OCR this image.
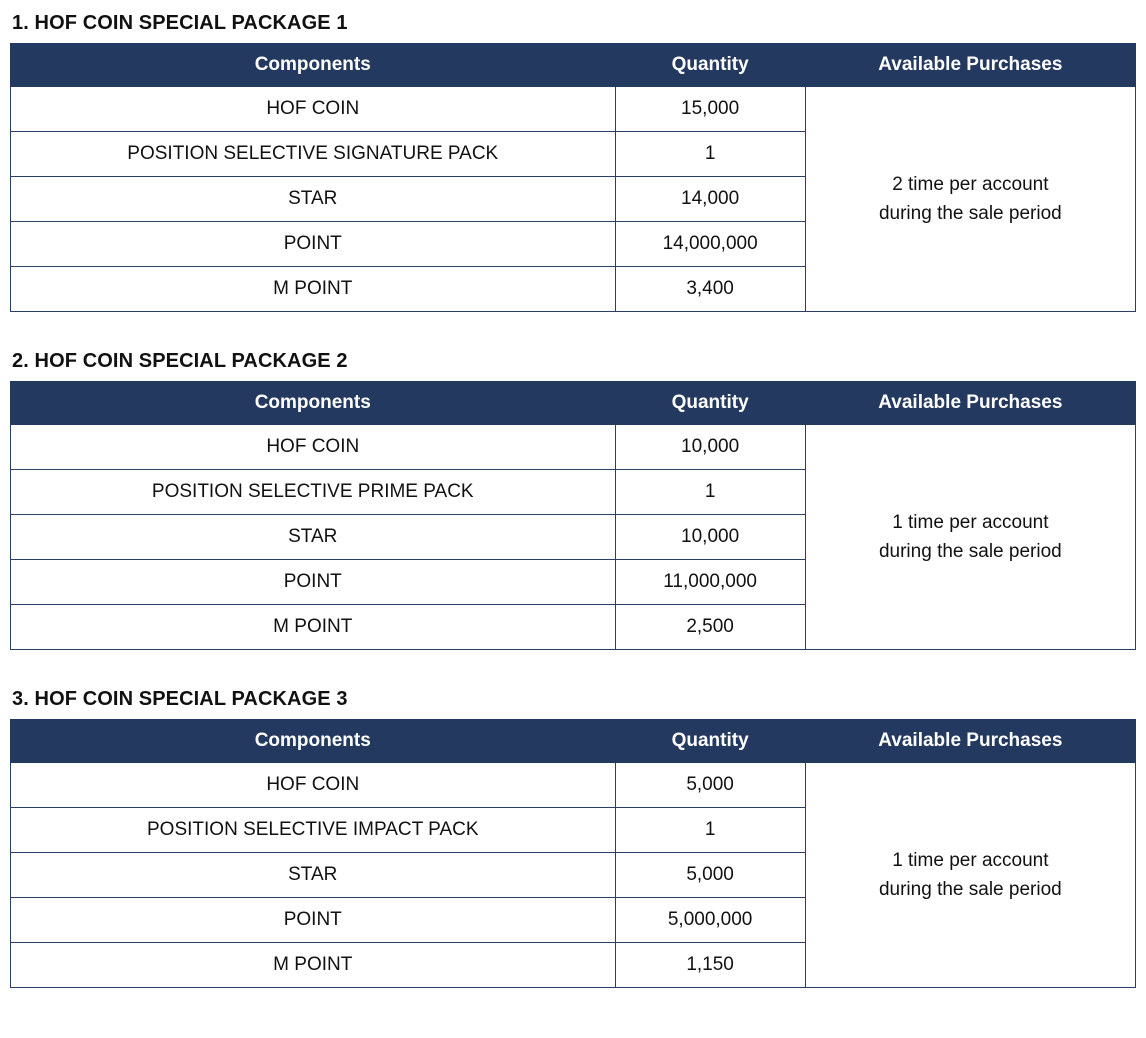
1. HOF COIN SPECIAL PACKAGE 1
Components	Quantity	Available Purchases
HOF COIN	15,000	2 time per account
during the sale period

POSITION SELECTIVE SIGNATURE PACK	1	
STAR	14,000	
POINT	14,000,000	
M POINT	3,400	
2. HOF COIN SPECIAL PACKAGE 2
Components	Quantity	Available Purchases
HOF COIN	10,000	1 time per account
during the sale period

POSITION SELECTIVE PRIME PACK	1	
STAR	10,000	
POINT	11,000,000	
M POINT	2,500	
3. HOF COIN SPECIAL PACKAGE 3
Components	Quantity	Available Purchases
HOF COIN	5,000	1 time per account
during the sale period

POSITION SELECTIVE IMPACT PACK	1	
STAR	5,000	
POINT	5,000,000	
M POINT	1,150	
